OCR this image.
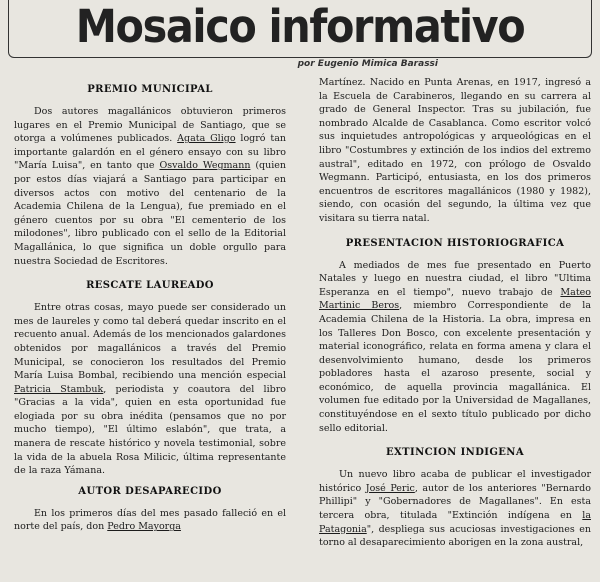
Mosaico informativo
por Eugenio Mimica Barassi
PREMIO MUNICIPAL

Dos autores magallánicos obtuvieron primeros lugares en el Premio Municipal de Santiago, que se otorga a volúmenes publicados. Agata Gligo logró tan importante galardón en el género ensayo con su libro "María Luisa", en tanto que Osvaldo Wegmann (quien por estos días viajará a Santiago para participar en diversos actos con motivo del centenario de la Academia Chilena de la Lengua), fue premiado en el género cuentos por su obra "El cementerio de los milodones", libro publicado con el sello de la Editorial Magallánica, lo que significa un doble orgullo para nuestra Sociedad de Escritores.

RESCATE LAUREADO

Entre otras cosas, mayo puede ser considerado un mes de laureles y como tal deberá quedar inscrito en el recuento anual. Además de los mencionados galardones obtenidos por magallánicos a través del Premio Municipal, se conocieron los resultados del Premio María Luisa Bombal, recibiendo una mención especial Patricia Stambuk, periodista y coautora del libro "Gracias a la vida", quien en esta oportunidad fue elogiada por su obra inédita (pensamos que no por mucho tiempo), "El último eslabón", que trata, a manera de rescate histórico y novela testimonial, sobre la vida de la abuela Rosa Milicic, última representante de la raza Yámana.

AUTOR DESAPARECIDO

En los primeros días del mes pasado falleció en el norte del país, don Pedro Mayorga

Martínez. Nacido en Punta Arenas, en 1917, ingresó a la Escuela de Carabineros, llegando en su carrera al grado de General Inspector. Tras su jubilación, fue nombrado Alcalde de Casablanca. Como escritor volcó sus inquietudes antropológicas y arqueológicas en el libro "Costumbres y extinción de los indios del extremo austral", editado en 1972, con prólogo de Osvaldo Wegmann. Participó, entusiasta, en los dos primeros encuentros de escritores magallánicos (1980 y 1982), siendo, con ocasión del segundo, la última vez que visitara su tierra natal.

PRESENTACION HISTORIOGRAFICA

A mediados de mes fue presentado en Puerto Natales y luego en nuestra ciudad, el libro "Ultima Esperanza en el tiempo", nuevo trabajo de Mateo Martinic Beros, miembro Correspondiente de la Academia Chilena de la Historia. La obra, impresa en los Talleres Don Bosco, con excelente presentación y material iconográfico, relata en forma amena y clara el desenvolvimiento humano, desde los primeros pobladores hasta el azaroso presente, social y económico, de aquella provincia magallánica. El volumen fue editado por la Universidad de Magallanes, constituyéndose en el sexto título publicado por dicho sello editorial.

EXTINCION INDIGENA

Un nuevo libro acaba de publicar el investigador histórico José Peric, autor de los anteriores "Bernardo Phillipi" y "Gobernadores de Magallanes". En esta tercera obra, titulada "Extinción indígena en la Patagonia", despliega sus acuciosas investigaciones en torno al desaparecimiento aborigen en la zona austral,
